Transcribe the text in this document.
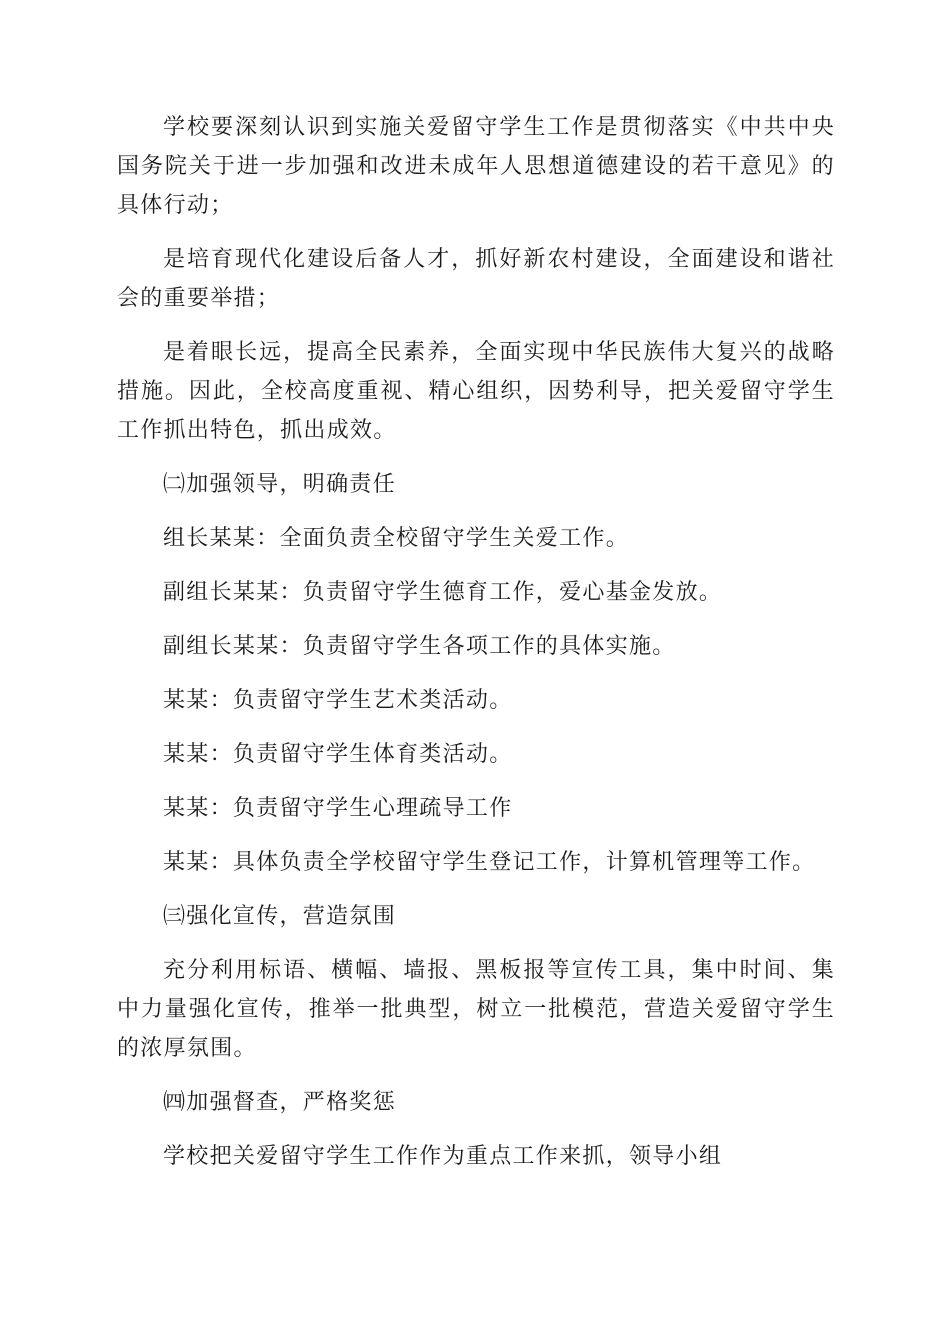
学校要深刻认识到实施关爱留守学生工作是贯彻落实《中共中央国务院关于进一步加强和改进未成年人思想道德建设的若干意见》的具体行动；

是培育现代化建设后备人才，抓好新农村建设，全面建设和谐社会的重要举措；

是着眼长远，提高全民素养，全面实现中华民族伟大复兴的战略措施。因此，全校高度重视、精心组织，因势利导，把关爱留守学生工作抓出特色，抓出成效。

㈡加强领导，明确责任

组长某某：全面负责全校留守学生关爱工作。

副组长某某：负责留守学生德育工作，爱心基金发放。

副组长某某：负责留守学生各项工作的具体实施。

某某：负责留守学生艺术类活动。

某某：负责留守学生体育类活动。

某某：负责留守学生心理疏导工作

某某：具体负责全学校留守学生登记工作，计算机管理等工作。

㈢强化宣传，营造氛围

充分利用标语、横幅、墙报、黑板报等宣传工具，集中时间、集中力量强化宣传，推举一批典型，树立一批模范，营造关爱留守学生的浓厚氛围。

㈣加强督查，严格奖惩

学校把关爱留守学生工作作为重点工作来抓，领导小组
